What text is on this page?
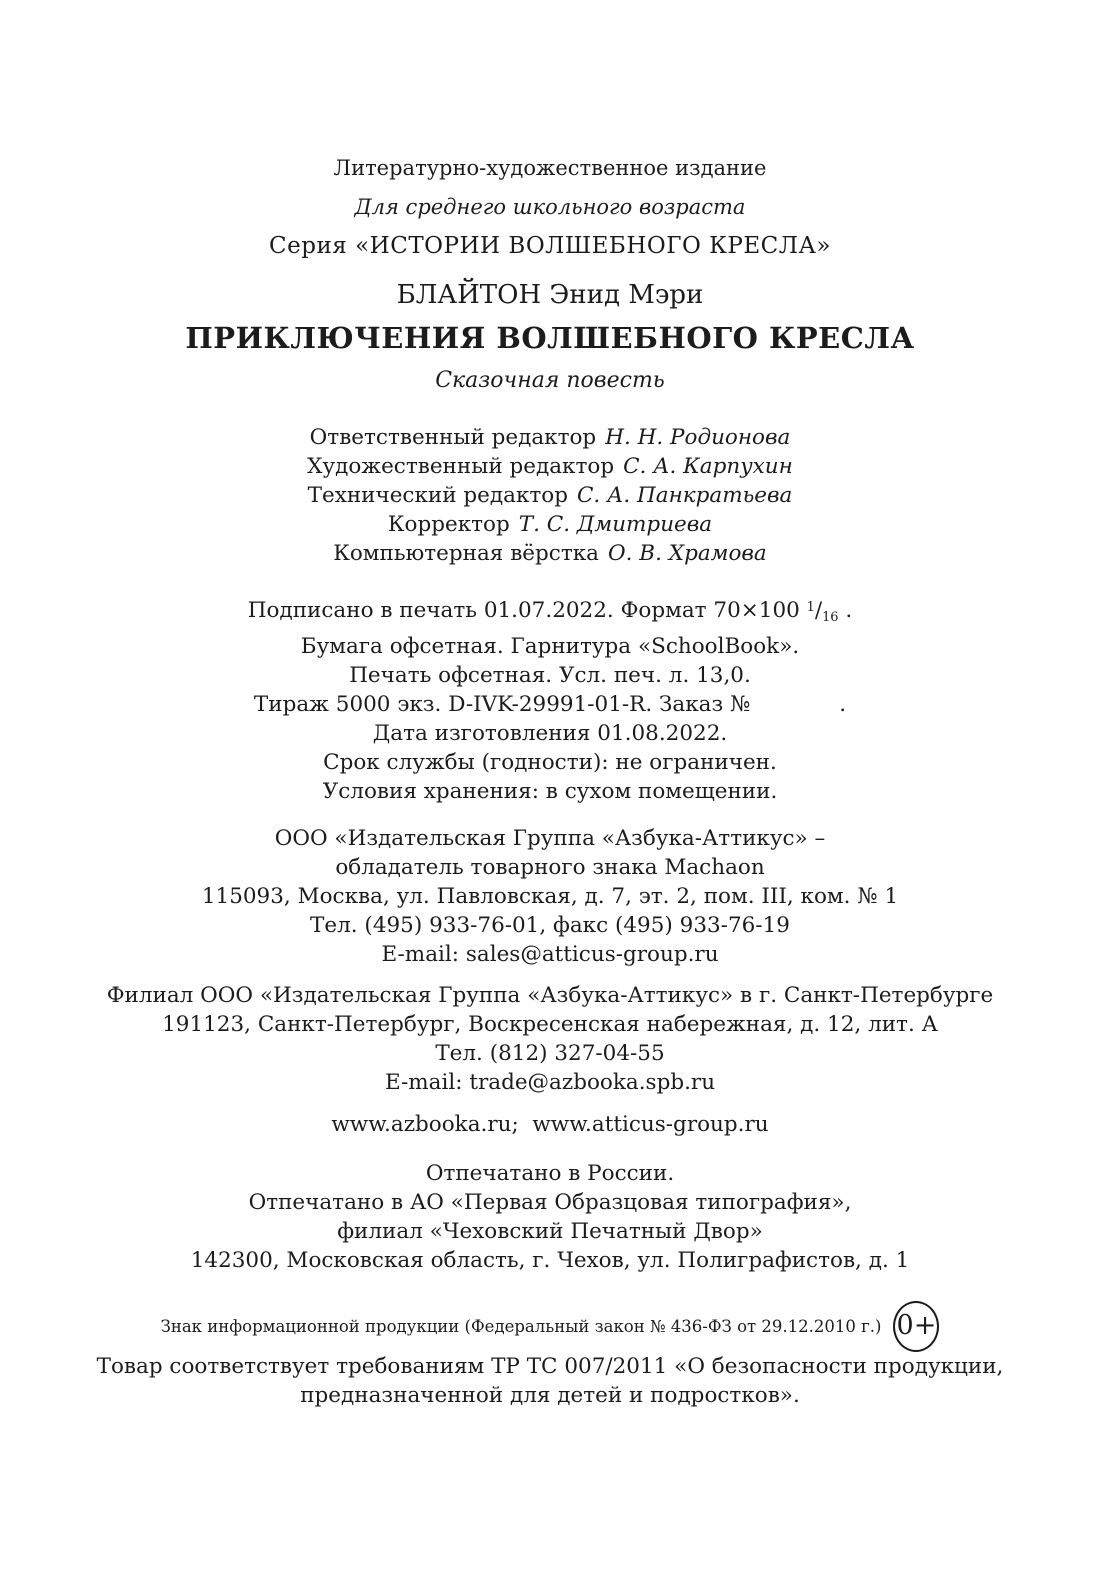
Литературно-художественное издание
Для среднего школьного возраста
Серия «ИСТОРИИ ВОЛШЕБНОГО КРЕСЛА»
БЛАЙТОН Энид Мэри
ПРИКЛЮЧЕНИЯ ВОЛШЕБНОГО КРЕСЛА
Сказочная повесть
Ответственный редактор Н. Н. Родионова
Художественный редактор С. А. Карпухин
Технический редактор С. А. Панкратьева
Корректор Т. С. Дмитриева
Компьютерная вёрстка О. В. Храмова
Подписано в печать 01.07.2022. Формат 70×100 $^1/_{16}$ .
Бумага офсетная. Гарнитура «SchoolBook».
Печать офсетная. Усл. печ. л. 13,0.
Тираж 5000 экз. D-IVK-29991-01-R. Заказ №             .
Дата изготовления 01.08.2022.
Срок службы (годности): не ограничен.
Условия хранения: в сухом помещении.
ООО «Издательская Группа «Азбука-Аттикус» –
обладатель товарного знака Machaon
115093, Москва, ул. Павловская, д. 7, эт. 2, пом. III, ком. № 1
Тел. (495) 933-76-01, факс (495) 933-76-19
E-mail: sales@atticus-group.ru
Филиал ООО «Издательская Группа «Азбука-Аттикус» в г. Санкт-Петербурге
191123, Санкт-Петербург, Воскресенская набережная, д. 12, лит. А
Тел. (812) 327-04-55
E-mail: trade@azbooka.spb.ru
www.azbooka.ru;  www.atticus-group.ru
Отпечатано в России.
Отпечатано в АО «Первая Образцовая типография»,
филиал «Чеховский Печатный Двор»
142300, Московская область, г. Чехов, ул. Полиграфистов, д. 1
Знак информационной продукции (Федеральный закон № 436-ФЗ от 29.12.2010 г.) 0+
Товар соответствует требованиям ТР ТС 007/2011 «О безопасности продукции,
предназначенной для детей и подростков».
